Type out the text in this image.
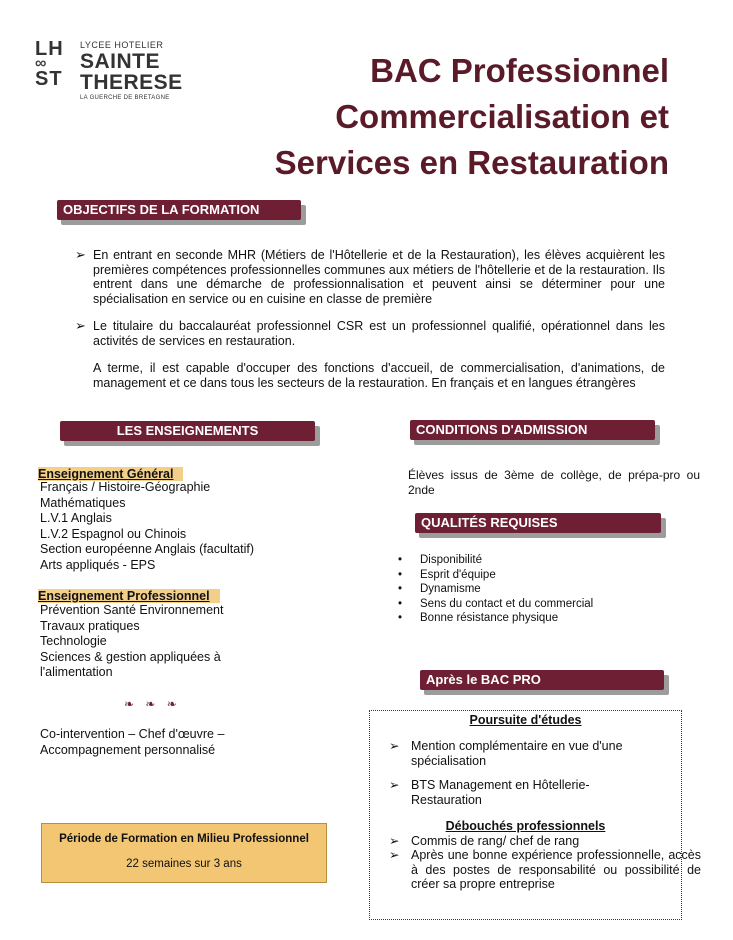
LH
∞
ST
LYCEE HOTELIER
SAINTE
THERESE
LA GUERCHE DE BRETAGNE
BAC Professionnel
Commercialisation et
Services en Restauration
OBJECTIFS DE LA FORMATION
➢ En entrant en seconde MHR (Métiers de l'Hôtellerie et de la Restauration), les élèves acquièrent les premières compétences professionnelles communes aux métiers de l'hôtellerie et de la restauration. Ils entrent dans une démarche de professionnalisation et peuvent ainsi se déterminer pour une spécialisation en service ou en cuisine en classe de première
➢ Le titulaire du baccalauréat professionnel CSR est un professionnel qualifié, opérationnel dans les activités de services en restauration.
A terme, il est capable d'occuper des fonctions d'accueil, de commercialisation, d'animations, de management et ce dans tous les secteurs de la restauration. En français et en langues étrangères
LES ENSEIGNEMENTS
Enseignement Général
Français / Histoire-Géographie
Mathématiques
L.V.1 Anglais
L.V.2 Espagnol ou Chinois
Section européenne Anglais (facultatif)
Arts appliqués - EPS
Enseignement Professionnel
Prévention Santé Environnement
Travaux pratiques
Technologie
Sciences & gestion appliquées à l'alimentation
❧ ❧ ❧
Co-intervention – Chef d'œuvre – Accompagnement personnalisé
Période de Formation en Milieu Professionnel
22 semaines sur 3 ans
CONDITIONS D'ADMISSION
Élèves issus de 3ème de collège, de prépa-pro ou 2nde
QUALITÉS REQUISES
• Disponibilité
• Esprit d'équipe
• Dynamisme
• Sens du contact et du commercial
• Bonne résistance physique
Après le BAC PRO
Poursuite d'études
➢ Mention complémentaire en vue d'une spécialisation
➢ BTS Management en Hôtellerie-Restauration
Débouchés professionnels
➢ Commis de rang/ chef de rang
➢ Après une bonne expérience professionnelle, accès à des postes de responsabilité ou possibilité de créer sa propre entreprise
